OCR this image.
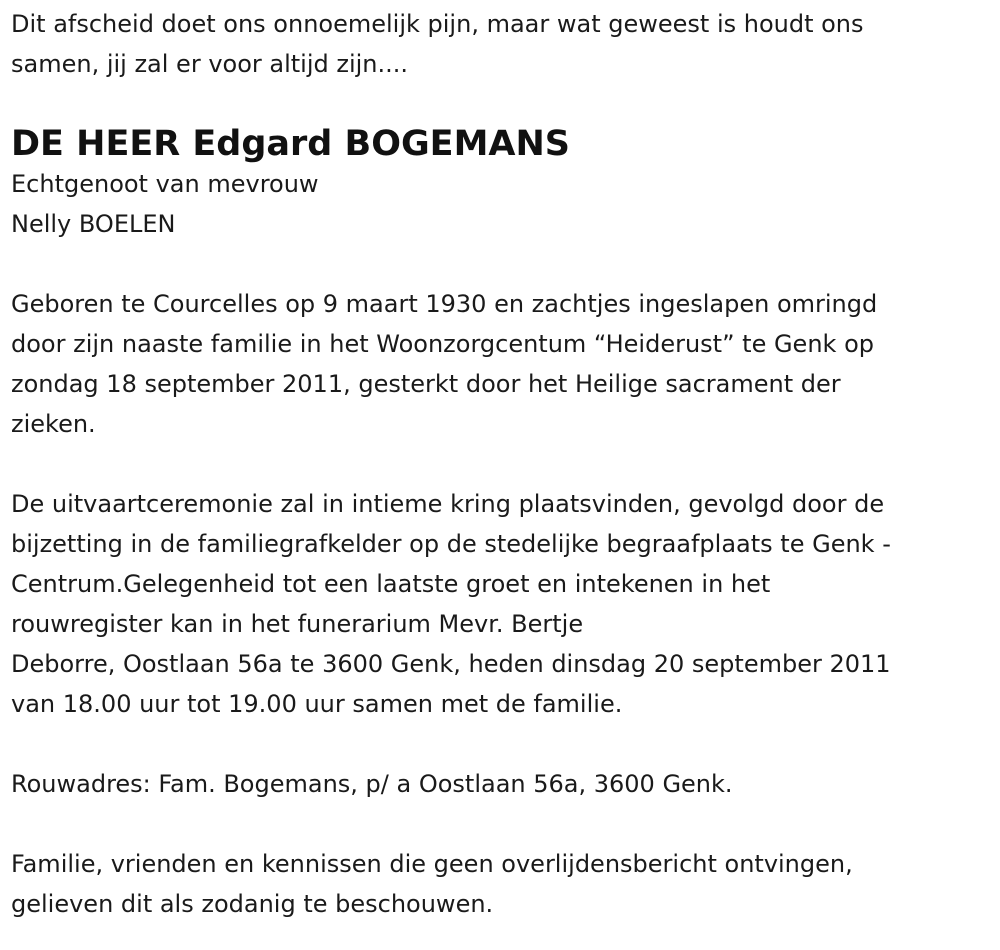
Dit afscheid doet ons onnoemelijk pijn, maar wat geweest is houdt ons
samen, jij zal er voor altijd zijn....
DE HEER Edgard BOGEMANS
Echtgenoot van mevrouw
Nelly BOELEN
Geboren te Courcelles op 9 maart 1930 en zachtjes ingeslapen omringd
door zijn naaste familie in het Woonzorgcentum “Heiderust” te Genk op
zondag 18 september 2011, gesterkt door het Heilige sacrament der
zieken.
De uitvaartceremonie zal in intieme kring plaatsvinden, gevolgd door de
bijzetting in de familiegrafkelder op de stedelijke begraafplaats te Genk -
Centrum.Gelegenheid tot een laatste groet en intekenen in het
rouwregister kan in het funerarium Mevr. Bertje
Deborre, Oostlaan 56a te 3600 Genk, heden dinsdag 20 september 2011
van 18.00 uur tot 19.00 uur samen met de familie.
Rouwadres: Fam. Bogemans, p/ a Oostlaan 56a, 3600 Genk.
Familie, vrienden en kennissen die geen overlijdensbericht ontvingen,
gelieven dit als zodanig te beschouwen.
